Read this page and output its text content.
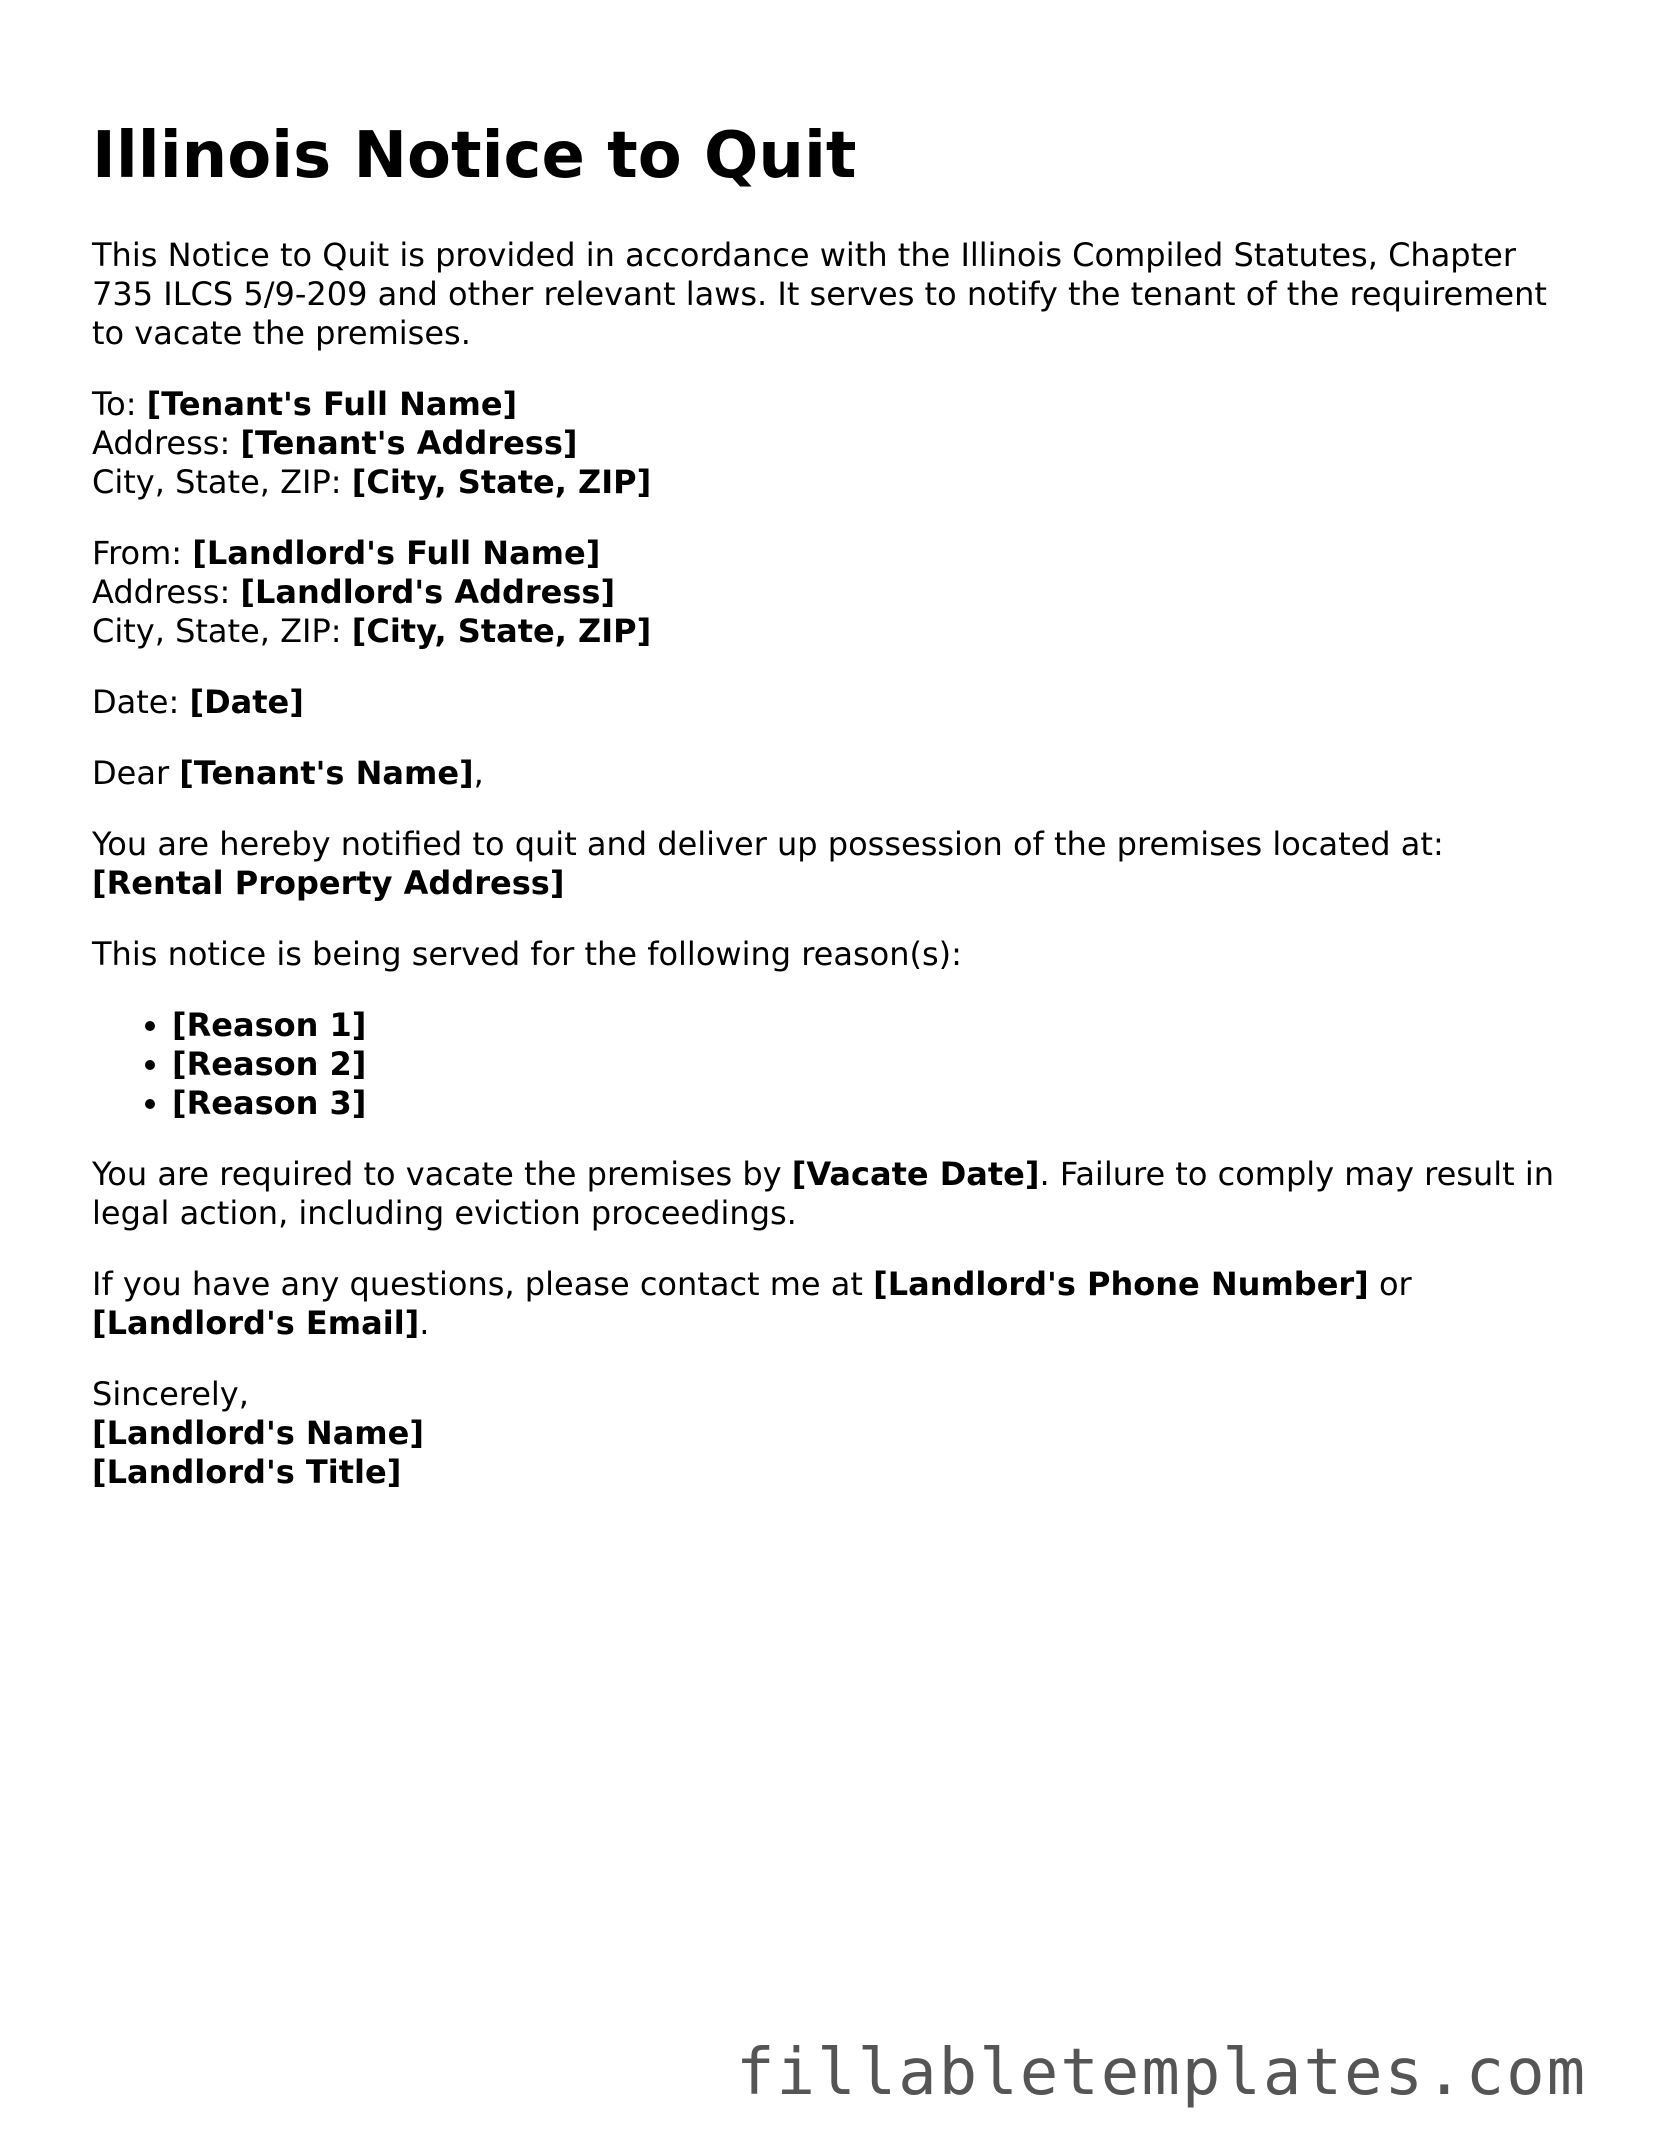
Illinois Notice to Quit

This Notice to Quit is provided in accordance with the Illinois Compiled Statutes, Chapter 735 ILCS 5/9-209 and other relevant laws. It serves to notify the tenant of the requirement to vacate the premises.

To: [Tenant's Full Name]
Address: [Tenant's Address]
City, State, ZIP: [City, State, ZIP]

From: [Landlord's Full Name]
Address: [Landlord's Address]
City, State, ZIP: [City, State, ZIP]

Date: [Date]

Dear [Tenant's Name],

You are hereby notified to quit and deliver up possession of the premises located at:
[Rental Property Address]

This notice is being served for the following reason(s):

• [Reason 1]
• [Reason 2]
• [Reason 3]

You are required to vacate the premises by [Vacate Date]. Failure to comply may result in legal action, including eviction proceedings.

If you have any questions, please contact me at [Landlord's Phone Number] or [Landlord's Email].

Sincerely,
[Landlord's Name]
[Landlord's Title]

fillabletemplates.com
